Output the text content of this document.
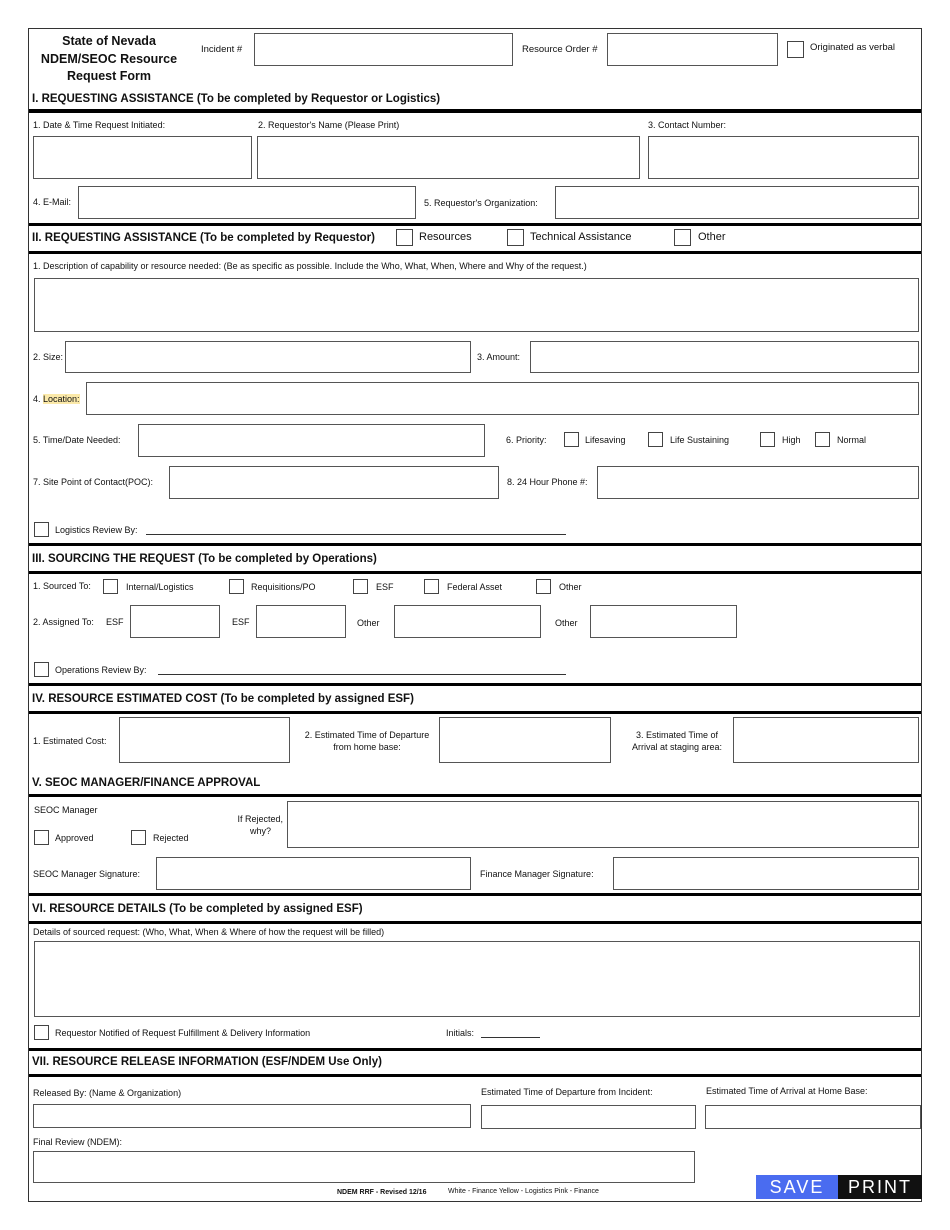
State of Nevada
NDEM/SEOC Resource
Request Form
Incident #	Resource Order #	Originated as verbal
I. REQUESTING ASSISTANCE (To be completed by Requestor or Logistics)
1. Date & Time Request Initiated:	2. Requestor's Name (Please Print)	3. Contact Number:
4. E-Mail:	5. Requestor's Organization:
II. REQUESTING ASSISTANCE (To be completed by Requestor)	Resources	Technical Assistance	Other
1. Description of capability or resource needed: (Be as specific as possible. Include the Who, What, When, Where and Why of the request.)
2. Size:	3. Amount:
4. Location:
5. Time/Date Needed:	6. Priority:	Lifesaving	Life Sustaining	High	Normal
7. Site Point of Contact(POC):	8. 24 Hour Phone #:
Logistics Review By:
III. SOURCING THE REQUEST (To be completed by Operations)
1. Sourced To:	Internal/Logistics	Requisitions/PO	ESF	Federal Asset	Other
2. Assigned To: ESF	ESF	Other	Other
Operations Review By:
IV. RESOURCE ESTIMATED COST (To be completed by assigned ESF)
1. Estimated Cost:
2. Estimated Time of Departure
from home base:
3. Estimated Time of
Arrival at staging area:
V. SEOC MANAGER/FINANCE APPROVAL
SEOC Manager
Approved	Rejected
If Rejected,
why?
SEOC Manager Signature:	Finance Manager Signature:
VI. RESOURCE DETAILS (To be completed by assigned ESF)
Details of sourced request: (Who, What, When & Where of how the request will be filled)
Requestor Notified of Request Fulfillment & Delivery Information	Initials:
VII. RESOURCE RELEASE INFORMATION (ESF/NDEM Use Only)
Released By: (Name & Organization)	Estimated Time of Departure from Incident:	Estimated Time of Arrival at Home Base:
Final Review (NDEM):
NDEM RRF - Revised 12/16	White - Finance Yellow - Logistics Pink - Finance	SAVE	PRINT
